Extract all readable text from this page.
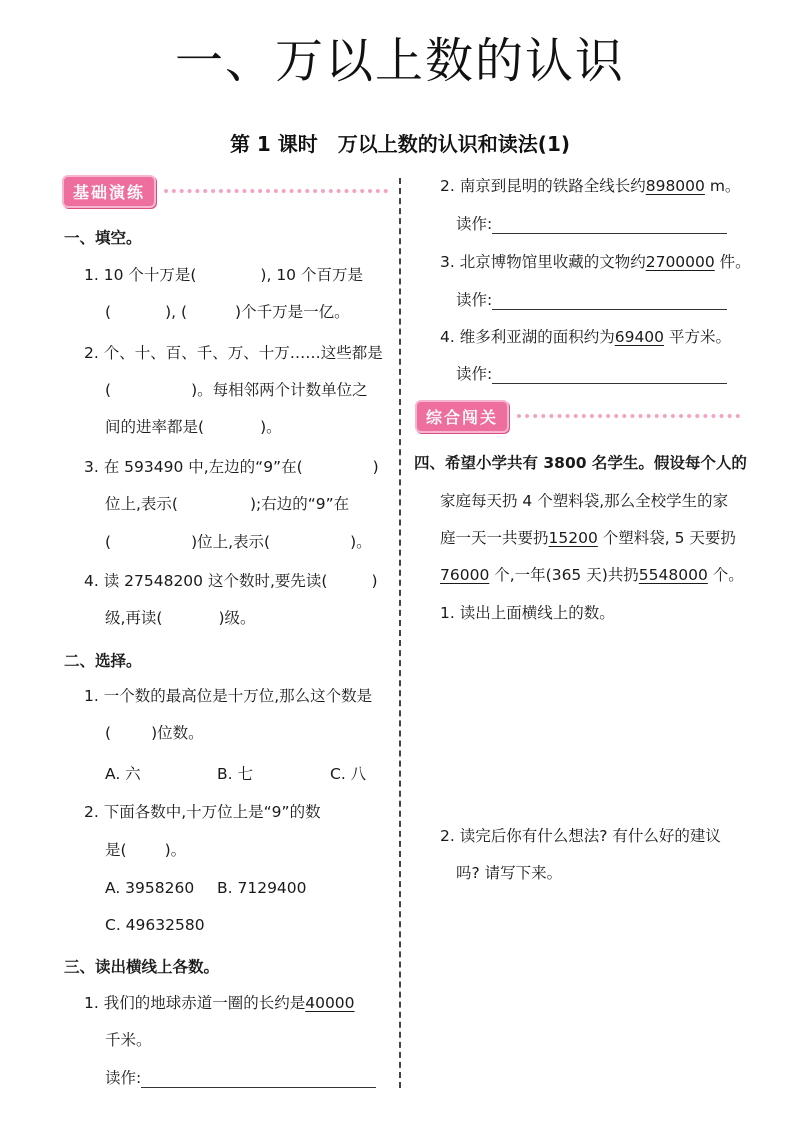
一、万以上数的认识
第 1 课时　万以上数的认识和读法(1)
基础演练
一、填空。
1. 10 个十万是(	), 10 个百万是
(	), (	)个千万是一亿。
2. 个、十、百、千、万、十万……这些都是
(	)。每相邻两个计数单位之
间的进率都是(	)。
3. 在 593490 中,左边的“9”在(	)
位上,表示(	);右边的“9”在
(	)位上,表示(	)。
4. 读 27548200 这个数时,要先读(	)
级,再读(	)级。
二、选择。
1. 一个数的最高位是十万位,那么这个数是
(	)位数。
A. 六	B. 七	C. 八
2. 下面各数中,十万位上是“9”的数
是( )。
A. 3958260 B. 7129400
C. 49632580
三、读出横线上各数。
1. 我们的地球赤道一圈的长约是40000
千米。
读作:
2. 南京到昆明的铁路全线长约898000 m。
读作:
3. 北京博物馆里收藏的文物约2700000 件。
读作:
4. 维多利亚湖的面积约为69400 平方米。
读作:
综合闯关
四、希望小学共有 3800 名学生。假设每个人的
家庭每天扔 4 个塑料袋,那么全校学生的家
庭一天一共要扔15200 个塑料袋, 5 天要扔
76000 个,一年(365 天)共扔5548000 个。
1. 读出上面横线上的数。
2. 读完后你有什么想法? 有什么好的建议
吗? 请写下来。
